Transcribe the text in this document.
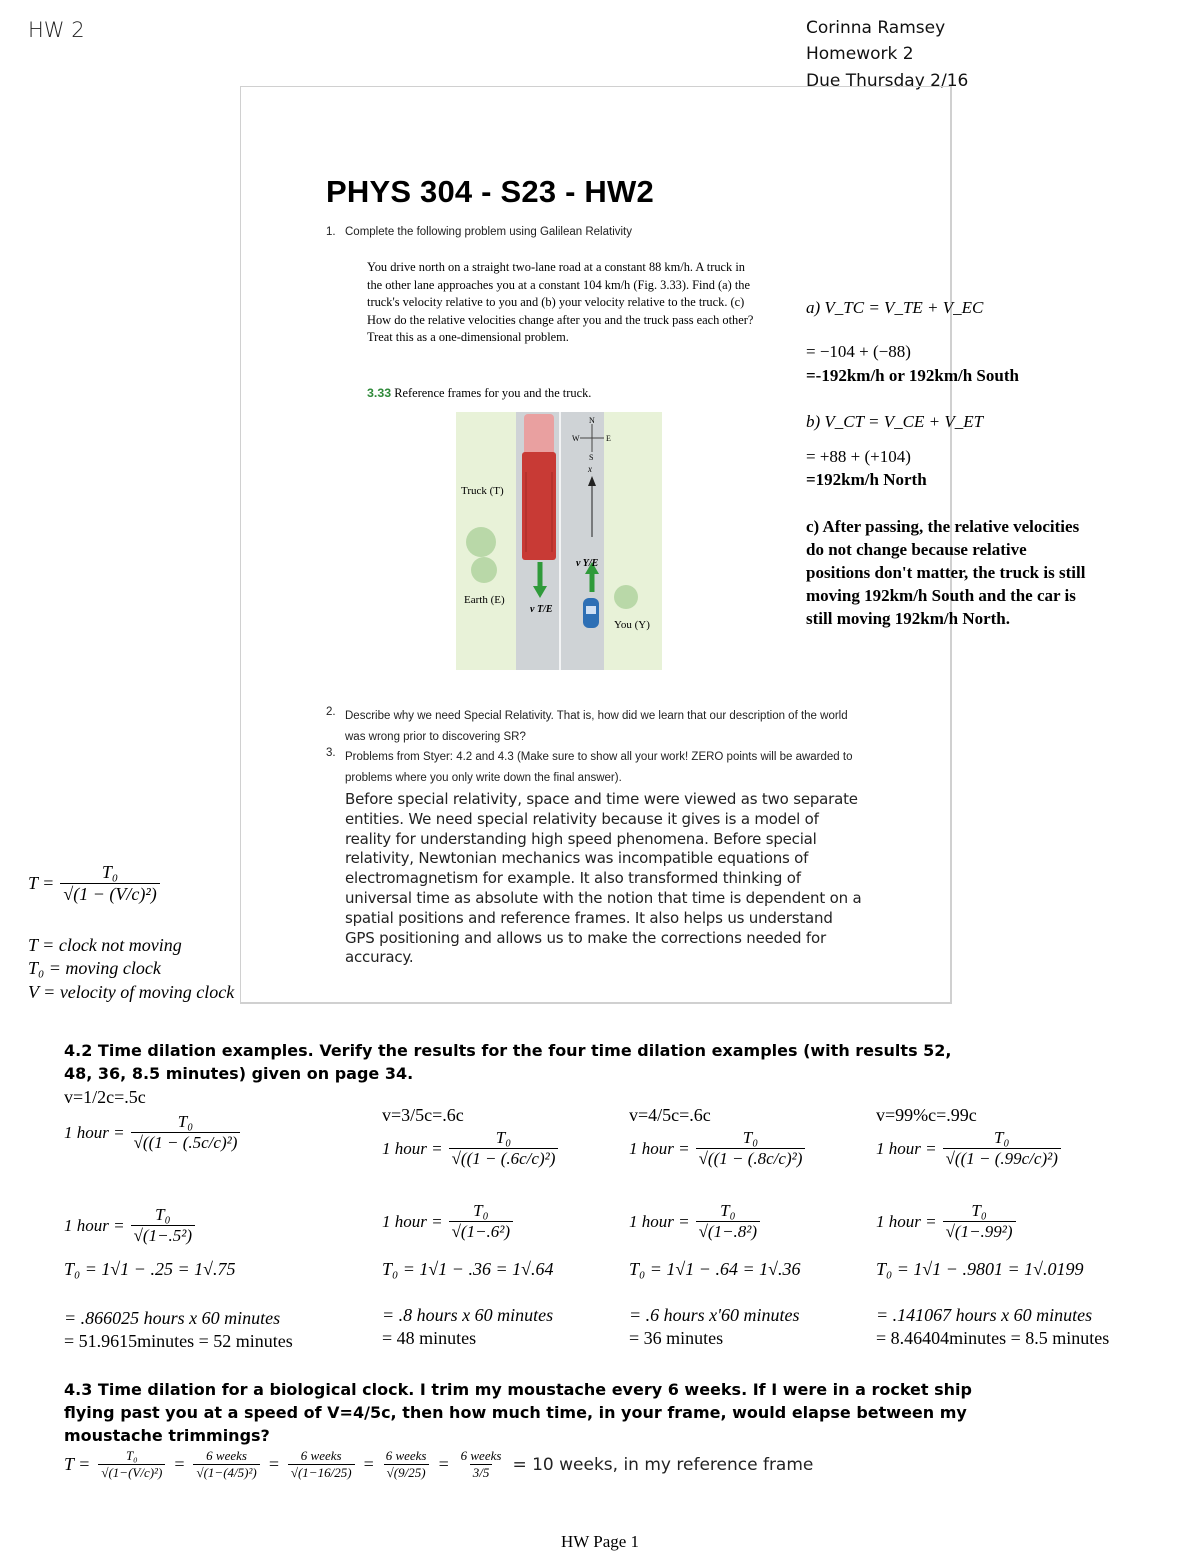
HW 2	Corinna Ramsey
Homework 2
Due Thursday 2/16
PHYS 304 - S23 - HW2
1. Complete the following problem using Galilean Relativity
You drive north on a straight two-lane road at a constant 88 km/h. A truck in the other lane approaches you at a constant 104 km/h (Fig. 3.33). Find (a) the truck's velocity relative to you and (b) your velocity relative to the truck. (c) How do the relative velocities change after you and the truck pass each other? Treat this as a one-dimensional problem.
3.33 Reference frames for you and the truck.
x
N
S
W	E
Truck (T)
Earth (E)
You (Y)
v T/E
v Y/E
2. Describe why we need Special Relativity. That is, how did we learn that our description of the world was wrong prior to discovering SR?
3. Problems from Styer: 4.2 and 4.3 (Make sure to show all your work! ZERO points will be awarded to problems where you only write down the final answer).
Before special relativity, space and time were viewed as two separate entities. We need special relativity because it gives is a model of reality for understanding high speed phenomena. Before special relativity, Newtonian mechanics was incompatible equations of electromagnetism for example. It also transformed thinking of universal time as absolute with the notion that time is dependent on a spatial positions and reference frames. It also helps us understand GPS positioning and allows us to make the corrections needed for accuracy.
a) V_TC = V_TE + V_EC
= −104 + (−88)
=-192km/h or 192km/h South
b) V_CT = V_CE + V_ET
= +88 + (+104)
=192km/h North
c) After passing, the relative velocities do not change because relative positions don't matter, the truck is still moving 192km/h South and the car is still moving 192km/h North.
$T = \frac{\text{T₀}}{\text{√(1 − (V/c)²)}}$
T = clock not moving
T₀ = moving clock
V = velocity of moving clock
4.2 Time dilation examples. Verify the results for the four time dilation examples (with results 52, 48, 36, 8.5 minutes) given on page 34.
v=1/2c=.5c
1 hour = $\frac{\text{T₀}}{\text{√((1 − (.5c/c)²)}}$
1 hour = $\frac{\text{T₀}}{\text{√(1−.5²)}}$
T₀ = 1√1 − .25 = 1√.75
= .866025 hours x 60 minutes
= 51.9615minutes = 52 minutes
v=3/5c=.6c
1 hour = $\frac{\text{T₀}}{\text{√((1 − (.6c/c)²)}}$
1 hour = $\frac{\text{T₀}}{\text{√(1−.6²)}}$
T₀ = 1√1 − .36 = 1√.64
= .8 hours x 60 minutes
= 48 minutes
v=4/5c=.6c
1 hour = $\frac{\text{T₀}}{\text{√((1 − (.8c/c)²)}}$
1 hour = $\frac{\text{T₀}}{\text{√(1−.8²)}}$
T₀ = 1√1 − .64 = 1√.36
= .6 hours x'60 minutes
= 36 minutes
v=99%c=.99c
1 hour = $\frac{\text{T₀}}{\text{√((1 − (.99c/c)²)}}$
1 hour = $\frac{\text{T₀}}{\text{√(1−.99²)}}$
T₀ = 1√1 − .9801 = 1√.0199
= .141067 hours x 60 minutes
= 8.46404minutes = 8.5 minutes
4.3 Time dilation for a biological clock. I trim my moustache every 6 weeks. If I were in a rocket ship flying past you at a speed of V=4/5c, then how much time, in your frame, would elapse between my moustache trimmings?
$T = \frac{\text{T₀}}{\text{√(1−(V/c)²)}} = \frac{\text{6 weeks}}{\text{√(1−(4/5)²)}} = \frac{\text{6 weeks}}{√(1-16/25)} = \frac{\text{6 weeks}}{√(9/25)} = \frac{\text{6 weeks}}{3/5} = 10$ weeks, in my reference frame
HW Page 1
